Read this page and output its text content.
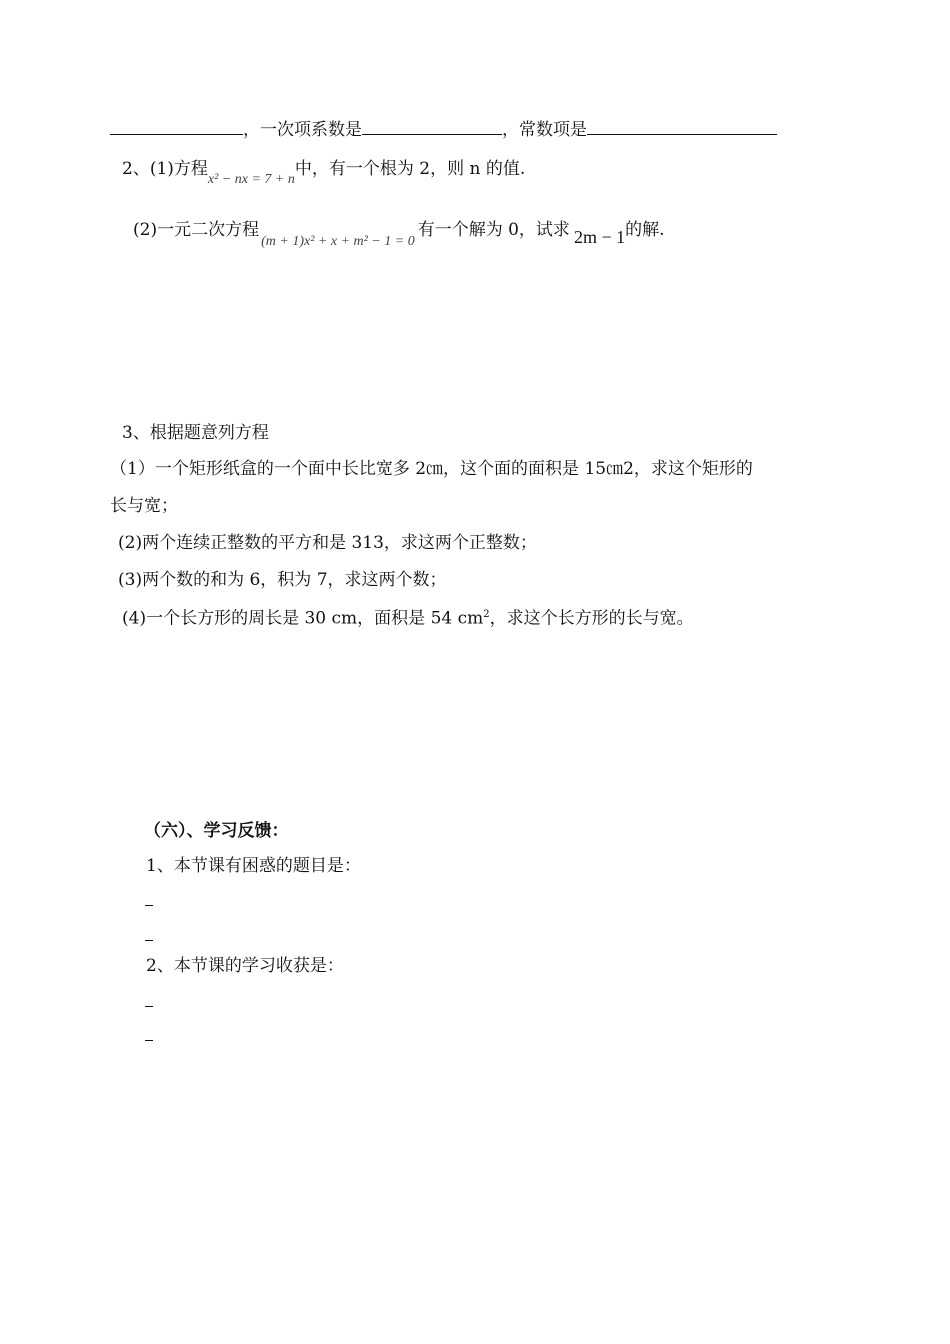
，一次项系数是	，常数项是
2、(1)方程x² − nx = 7 + n中，有一个根为 2，则 n 的值.
(2)一元二次方程(m + 1)x² + x + m² − 1 = 0有一个解为 0，试求 2m − 1的解.
3、根据题意列方程
（1）一个矩形纸盒的一个面中长比宽多 2㎝，这个面的面积是 15㎝2，求这个矩形的
长与宽；
(2)两个连续正整数的平方和是 313，求这两个正整数；
(3)两个数的和为 6，积为 7，求这两个数；
(4)一个长方形的周长是 30 cm，面积是 54 $cm^2$，求这个长方形的长与宽。
（六）、学习反馈：
1、本节课有困惑的题目是：
2、本节课的学习收获是：
